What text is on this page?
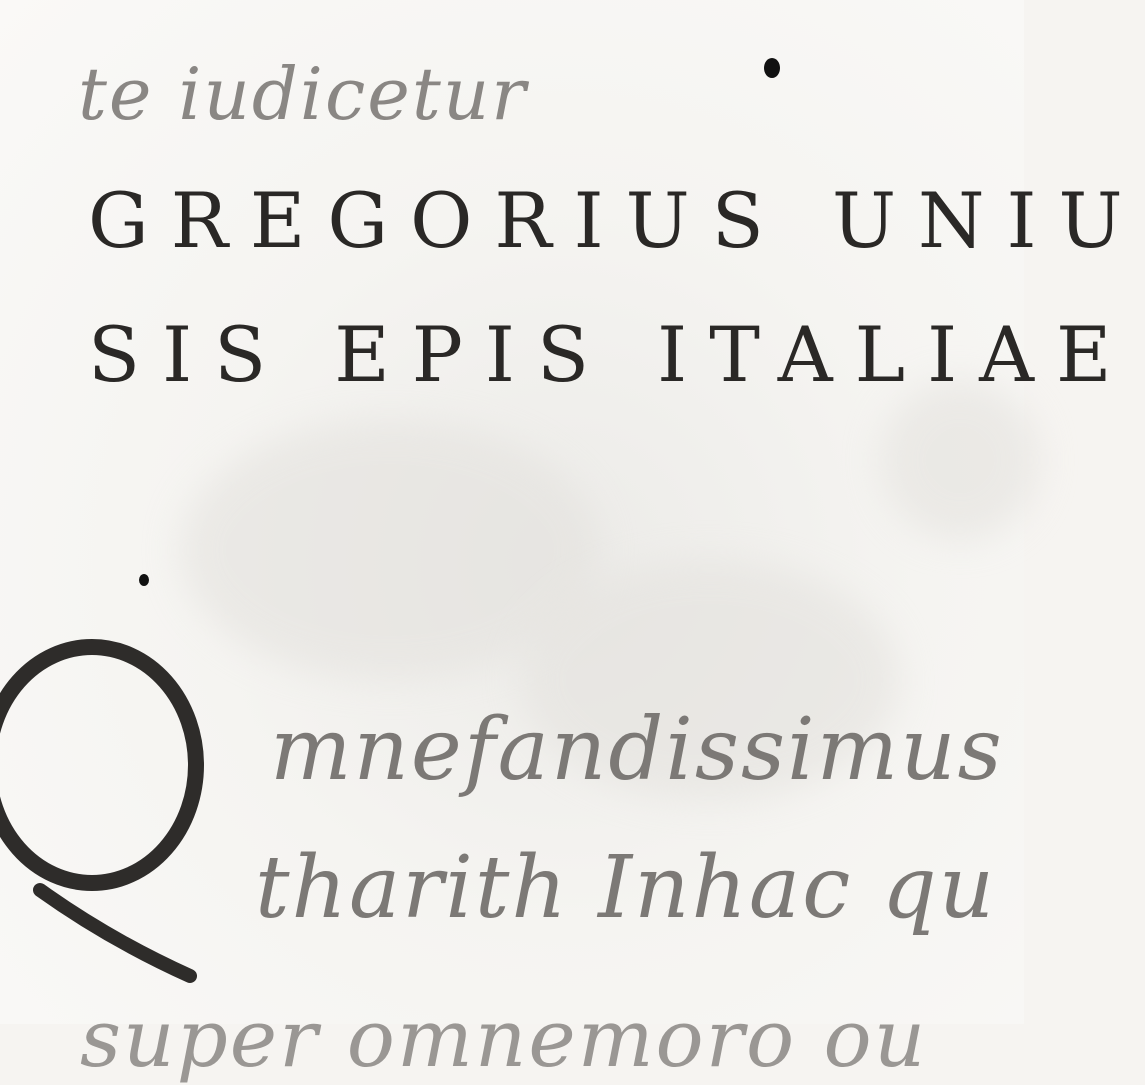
te iudicetur

GREGORIUS UNIU

SIS EPIS ITALIAE

mnefandissimus

tharith Inhac qu

super omnemoro ou
